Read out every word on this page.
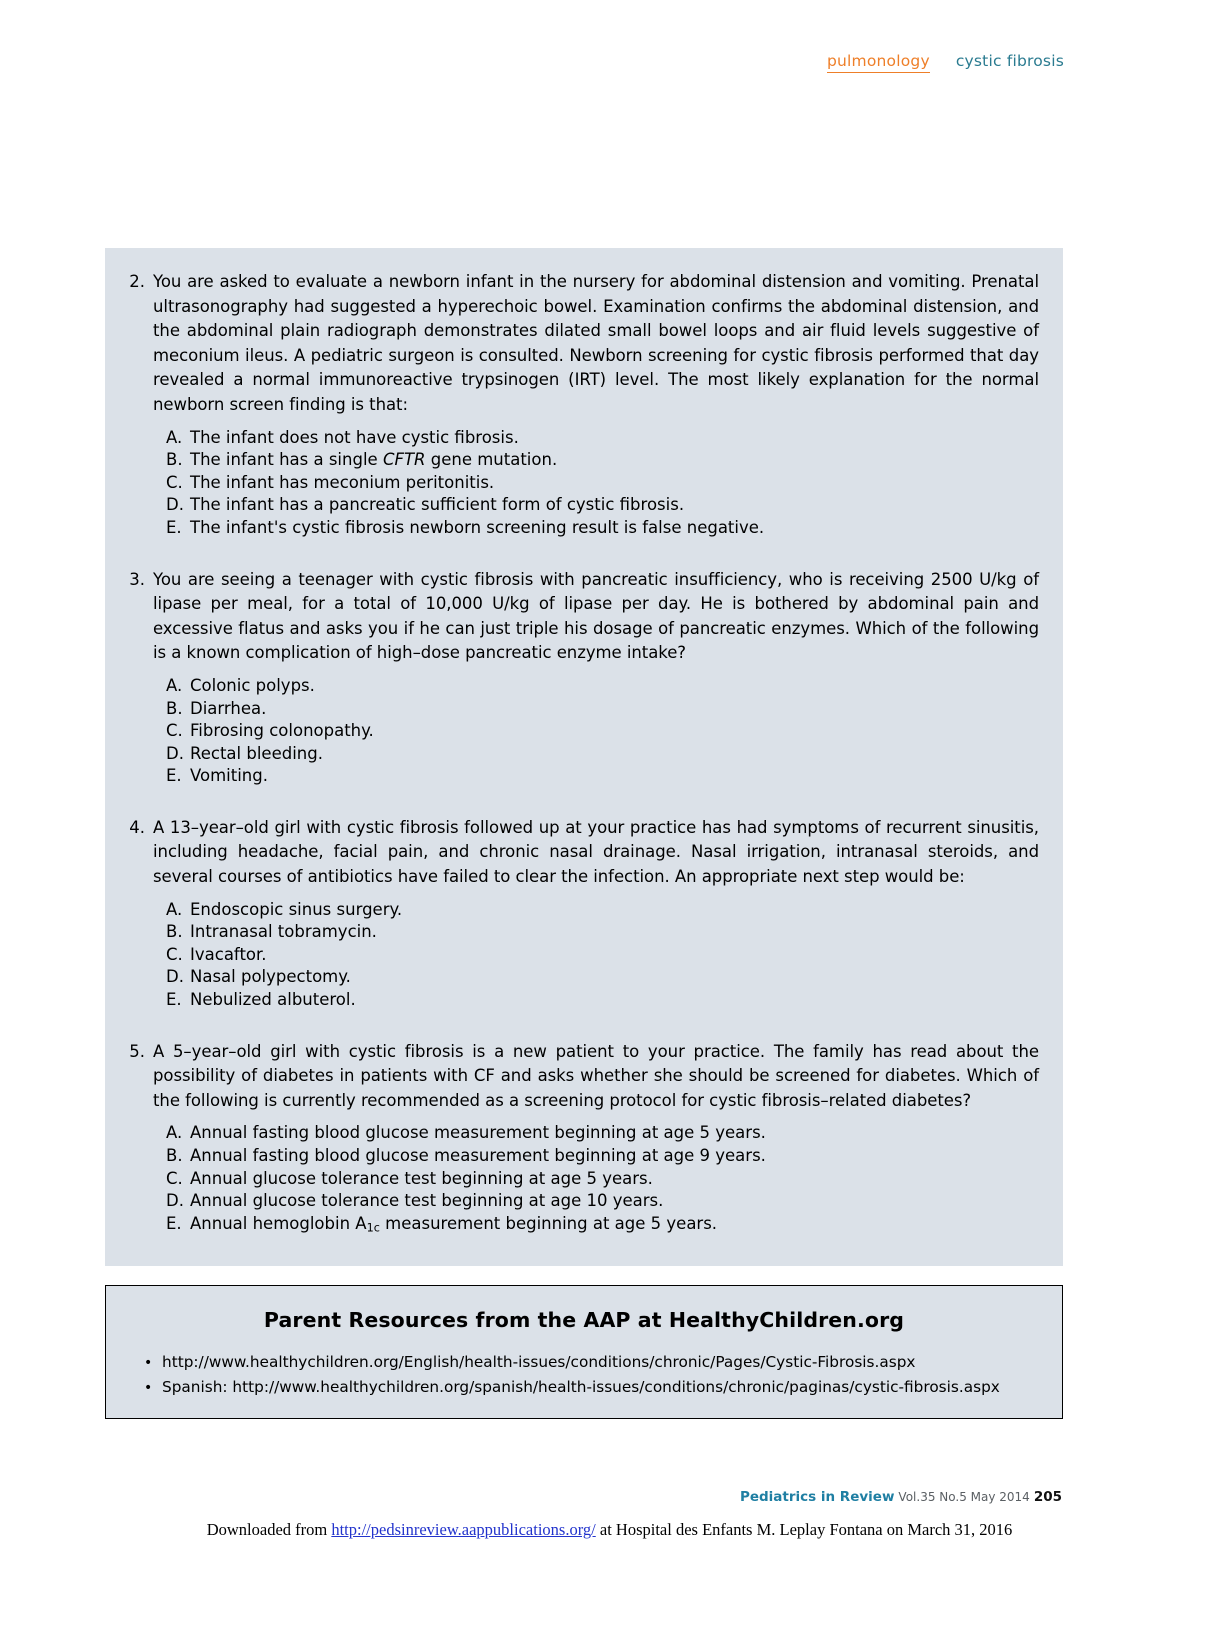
pulmonology cystic fibrosis
2. You are asked to evaluate a newborn infant in the nursery for abdominal distension and vomiting. Prenatal ultrasonography had suggested a hyperechoic bowel. Examination confirms the abdominal distension, and the abdominal plain radiograph demonstrates dilated small bowel loops and air fluid levels suggestive of meconium ileus. A pediatric surgeon is consulted. Newborn screening for cystic fibrosis performed that day revealed a normal immunoreactive trypsinogen (IRT) level. The most likely explanation for the normal newborn screen finding is that:

A. The infant does not have cystic fibrosis.
B. The infant has a single CFTR gene mutation.
C. The infant has meconium peritonitis.
D. The infant has a pancreatic sufficient form of cystic fibrosis.
E. The infant's cystic fibrosis newborn screening result is false negative.
3. You are seeing a teenager with cystic fibrosis with pancreatic insufficiency, who is receiving 2500 U/kg of lipase per meal, for a total of 10,000 U/kg of lipase per day. He is bothered by abdominal pain and excessive flatus and asks you if he can just triple his dosage of pancreatic enzymes. Which of the following is a known complication of high–dose pancreatic enzyme intake?

A. Colonic polyps.
B. Diarrhea.
C. Fibrosing colonopathy.
D. Rectal bleeding.
E. Vomiting.
4. A 13–year–old girl with cystic fibrosis followed up at your practice has had symptoms of recurrent sinusitis, including headache, facial pain, and chronic nasal drainage. Nasal irrigation, intranasal steroids, and several courses of antibiotics have failed to clear the infection. An appropriate next step would be:

A. Endoscopic sinus surgery.
B. Intranasal tobramycin.
C. Ivacaftor.
D. Nasal polypectomy.
E. Nebulized albuterol.
5. A 5–year–old girl with cystic fibrosis is a new patient to your practice. The family has read about the possibility of diabetes in patients with CF and asks whether she should be screened for diabetes. Which of the following is currently recommended as a screening protocol for cystic fibrosis–related diabetes?

A. Annual fasting blood glucose measurement beginning at age 5 years.
B. Annual fasting blood glucose measurement beginning at age 9 years.
C. Annual glucose tolerance test beginning at age 5 years.
D. Annual glucose tolerance test beginning at age 10 years.
E. Annual hemoglobin $A_{1c}$ measurement beginning at age 5 years.
Parent Resources from the AAP at HealthyChildren.org
• http://www.healthychildren.org/English/health-issues/conditions/chronic/Pages/Cystic-Fibrosis.aspx
• Spanish: http://www.healthychildren.org/spanish/health-issues/conditions/chronic/paginas/cystic-fibrosis.aspx
Pediatrics in Review Vol.35 No.5 May 2014 205
Downloaded from http://pedsinreview.aappublications.org/ at Hospital des Enfants M. Leplay Fontana on March 31, 2016
